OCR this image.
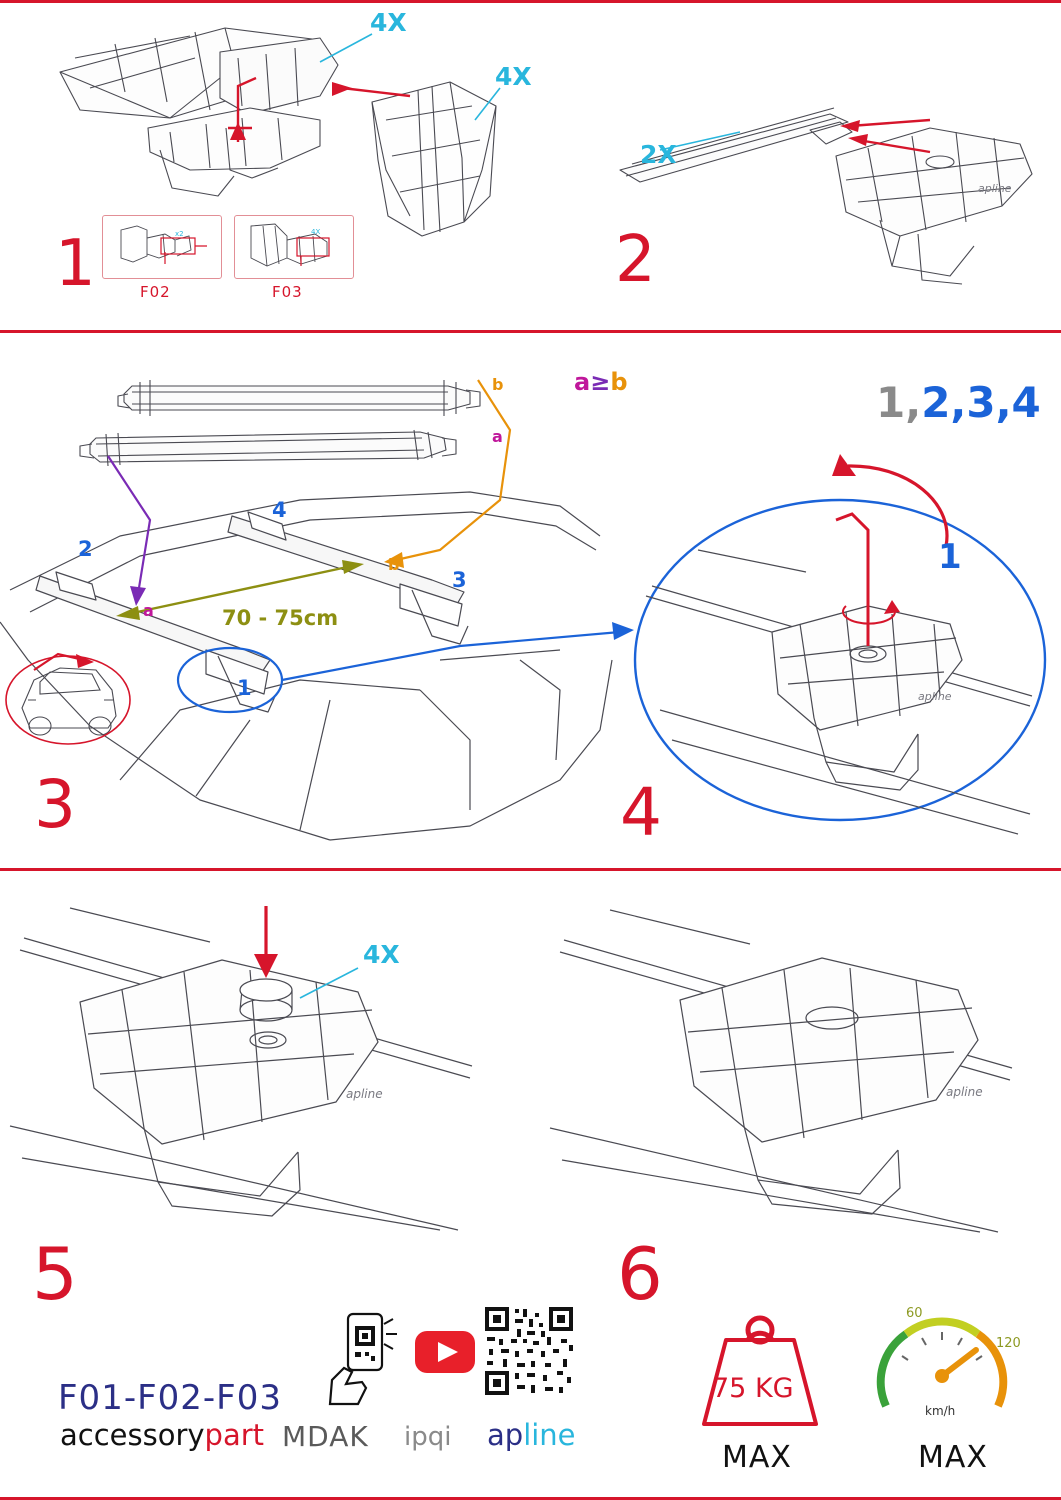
4X
4X
x2	4X
F02	F03
1
apline
2X
2
b
a
a
b
a≥b
70 - 75cm
1
2
3
4
3
apline
1,2,3,4
1
4
apline
4X
apline
5
F01-F02-F03
accessorypart MDAK ipqi apline
6
75 KG
MAX
60
120
km/h
MAX
